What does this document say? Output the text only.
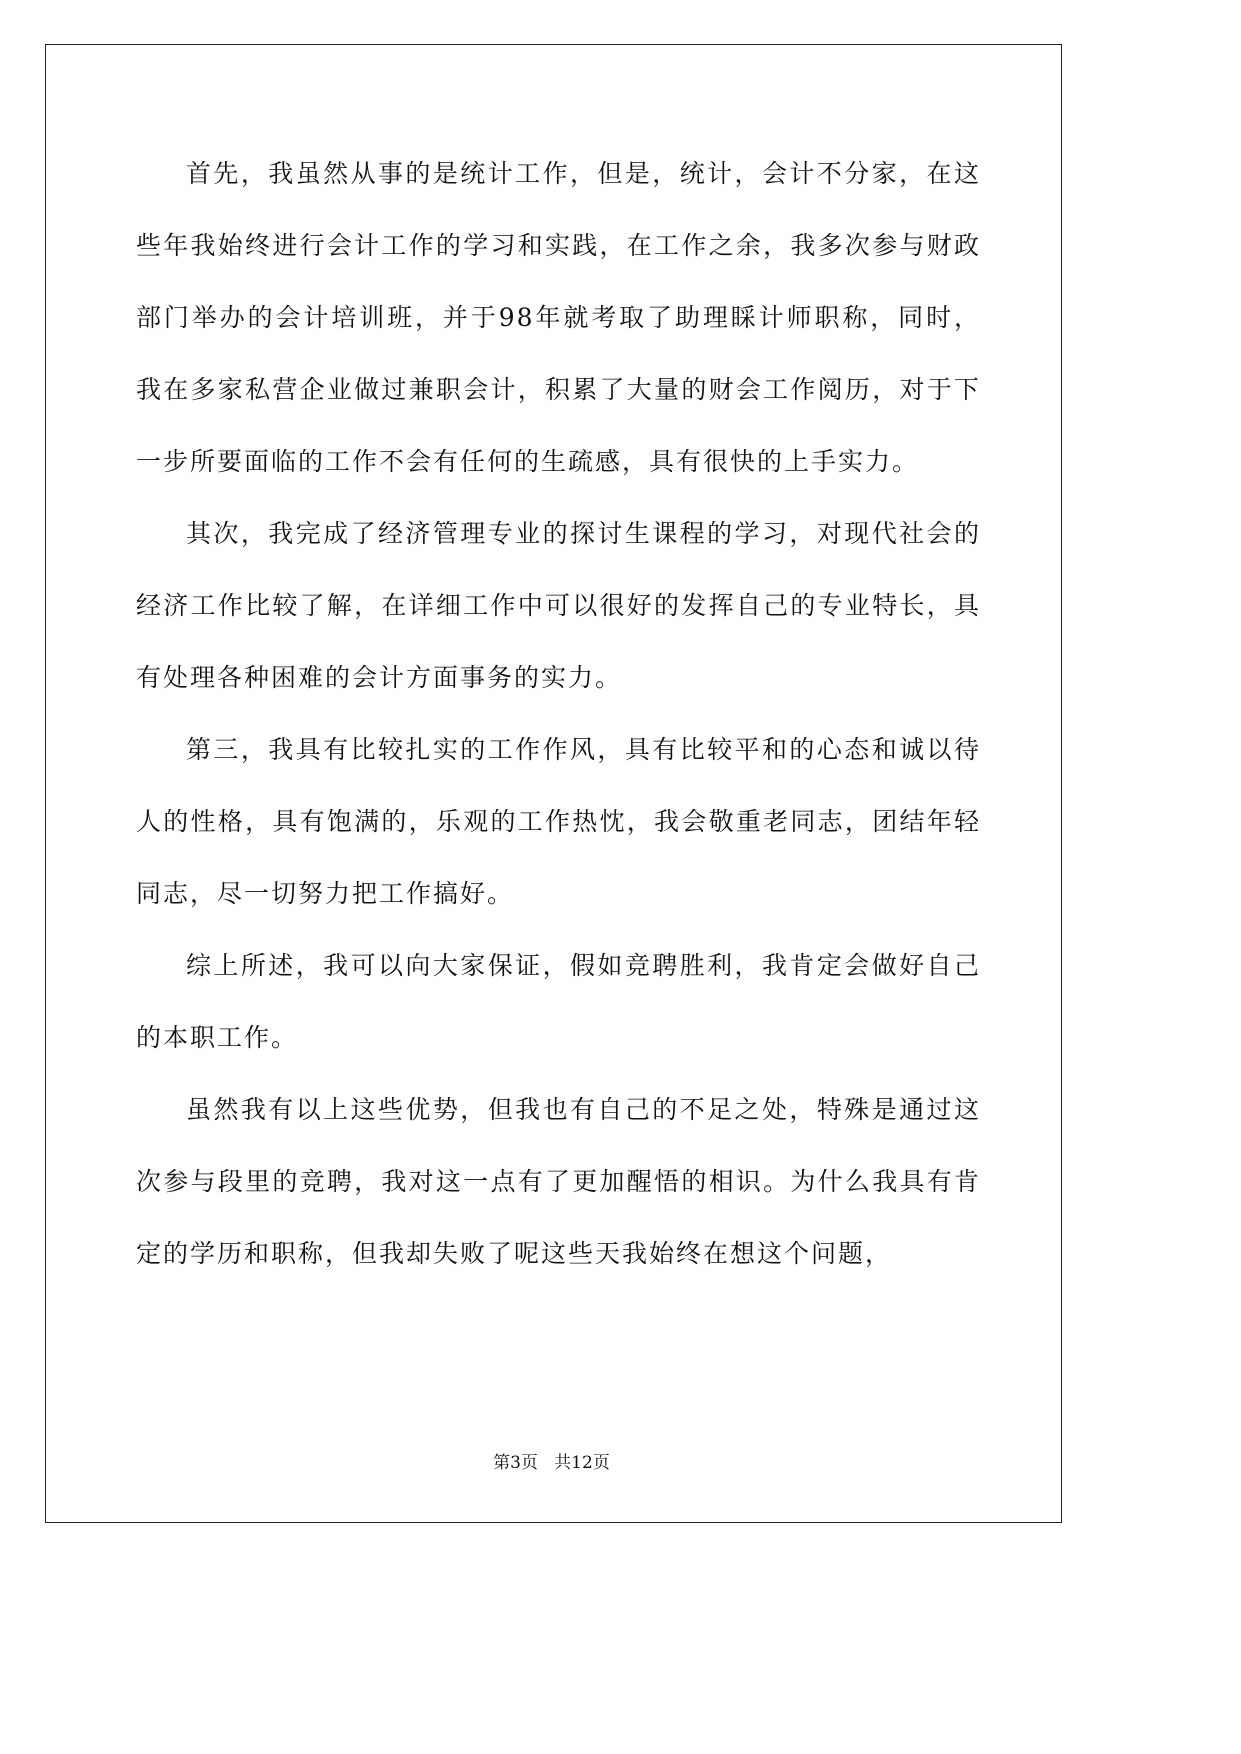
首先，我虽然从事的是统计工作，但是，统计，会计不分家，在这些年我始终进行会计工作的学习和实践，在工作之余，我多次参与财政部门举办的会计培训班，并于98年就考取了助理睬计师职称，同时，我在多家私营企业做过兼职会计，积累了大量的财会工作阅历，对于下一步所要面临的工作不会有任何的生疏感，具有很快的上手实力。

其次，我完成了经济管理专业的探讨生课程的学习，对现代社会的经济工作比较了解，在详细工作中可以很好的发挥自己的专业特长，具有处理各种困难的会计方面事务的实力。

第三，我具有比较扎实的工作作风，具有比较平和的心态和诚以待人的性格，具有饱满的，乐观的工作热忱，我会敬重老同志，团结年轻同志，尽一切努力把工作搞好。

综上所述，我可以向大家保证，假如竞聘胜利，我肯定会做好自己的本职工作。

虽然我有以上这些优势，但我也有自己的不足之处，特殊是通过这次参与段里的竞聘，我对这一点有了更加醒悟的相识。为什么我具有肯定的学历和职称，但我却失败了呢这些天我始终在想这个问题，

第3页   共12页
